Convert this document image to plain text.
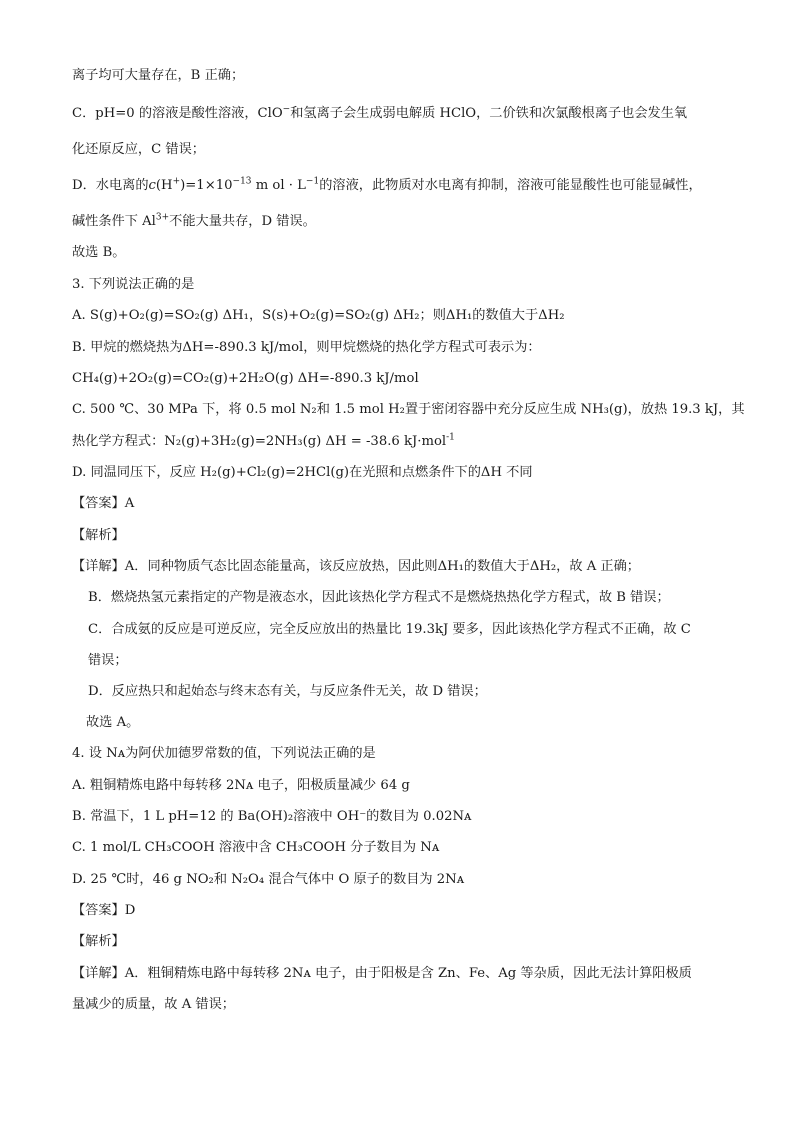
离子均可大量存在，B 正确；
C．pH=0 的溶液是酸性溶液，ClO−和氢离子会生成弱电解质 HClO，二价铁和次氯酸根离子也会发生氧
化还原反应，C 错误；
D．水电离的$c(H^+)=1\times 10^{-13}$ m ol · $L^{-1}$的溶液，此物质对水电离有抑制，溶液可能显酸性也可能显碱性，
碱性条件下 $Al^{3+}$不能大量共存，D 错误。
故选 B。
3. 下列说法正确的是
A. S(g)+O₂(g)=SO₂(g) ΔH₁，S(s)+O₂(g)=SO₂(g) ΔH₂；则ΔH₁的数值大于ΔH₂
B. 甲烷的燃烧热为ΔH=-890.3 kJ/mol，则甲烷燃烧的热化学方程式可表示为：
CH₄(g)+2O₂(g)=CO₂(g)+2H₂O(g) ΔH=-890.3 kJ/mol
C. 500 ℃、30 MPa 下，将 0.5 mol N₂和 1.5 mol H₂置于密闭容器中充分反应生成 NH₃(g)，放热 19.3 kJ，其
热化学方程式：N₂(g)+3H₂(g)=2NH₃(g) ΔH = -38.6 kJ·mol$^{-1}$
D. 同温同压下，反应 H₂(g)+Cl₂(g)=2HCl(g)在光照和点燃条件下的ΔH 不同
【答案】A
【解析】
【详解】A．同种物质气态比固态能量高，该反应放热，因此则ΔH₁的数值大于ΔH₂，故 A 正确；
B．燃烧热氢元素指定的产物是液态水，因此该热化学方程式不是燃烧热热化学方程式，故 B 错误；
C．合成氨的反应是可逆反应，完全反应放出的热量比 19.3kJ 要多，因此该热化学方程式不正确，故 C
错误；
D．反应热只和起始态与终末态有关，与反应条件无关，故 D 错误；
故选 A。
4. 设 Nᴀ为阿伏加德罗常数的值，下列说法正确的是
A. 粗铜精炼电路中每转移 2Nᴀ 电子，阳极质量减少 64 g
B. 常温下，1 L pH=12 的 Ba(OH)₂溶液中 OH⁻的数目为 0.02Nᴀ
C. 1 mol/L CH₃COOH 溶液中含 CH₃COOH 分子数目为 Nᴀ
D. 25 ℃时，46 g NO₂和 N₂O₄ 混合气体中 O 原子的数目为 2Nᴀ
【答案】D
【解析】
【详解】A．粗铜精炼电路中每转移 2Nᴀ 电子，由于阳极是含 Zn、Fe、Ag 等杂质，因此无法计算阳极质
量减少的质量，故 A 错误；
